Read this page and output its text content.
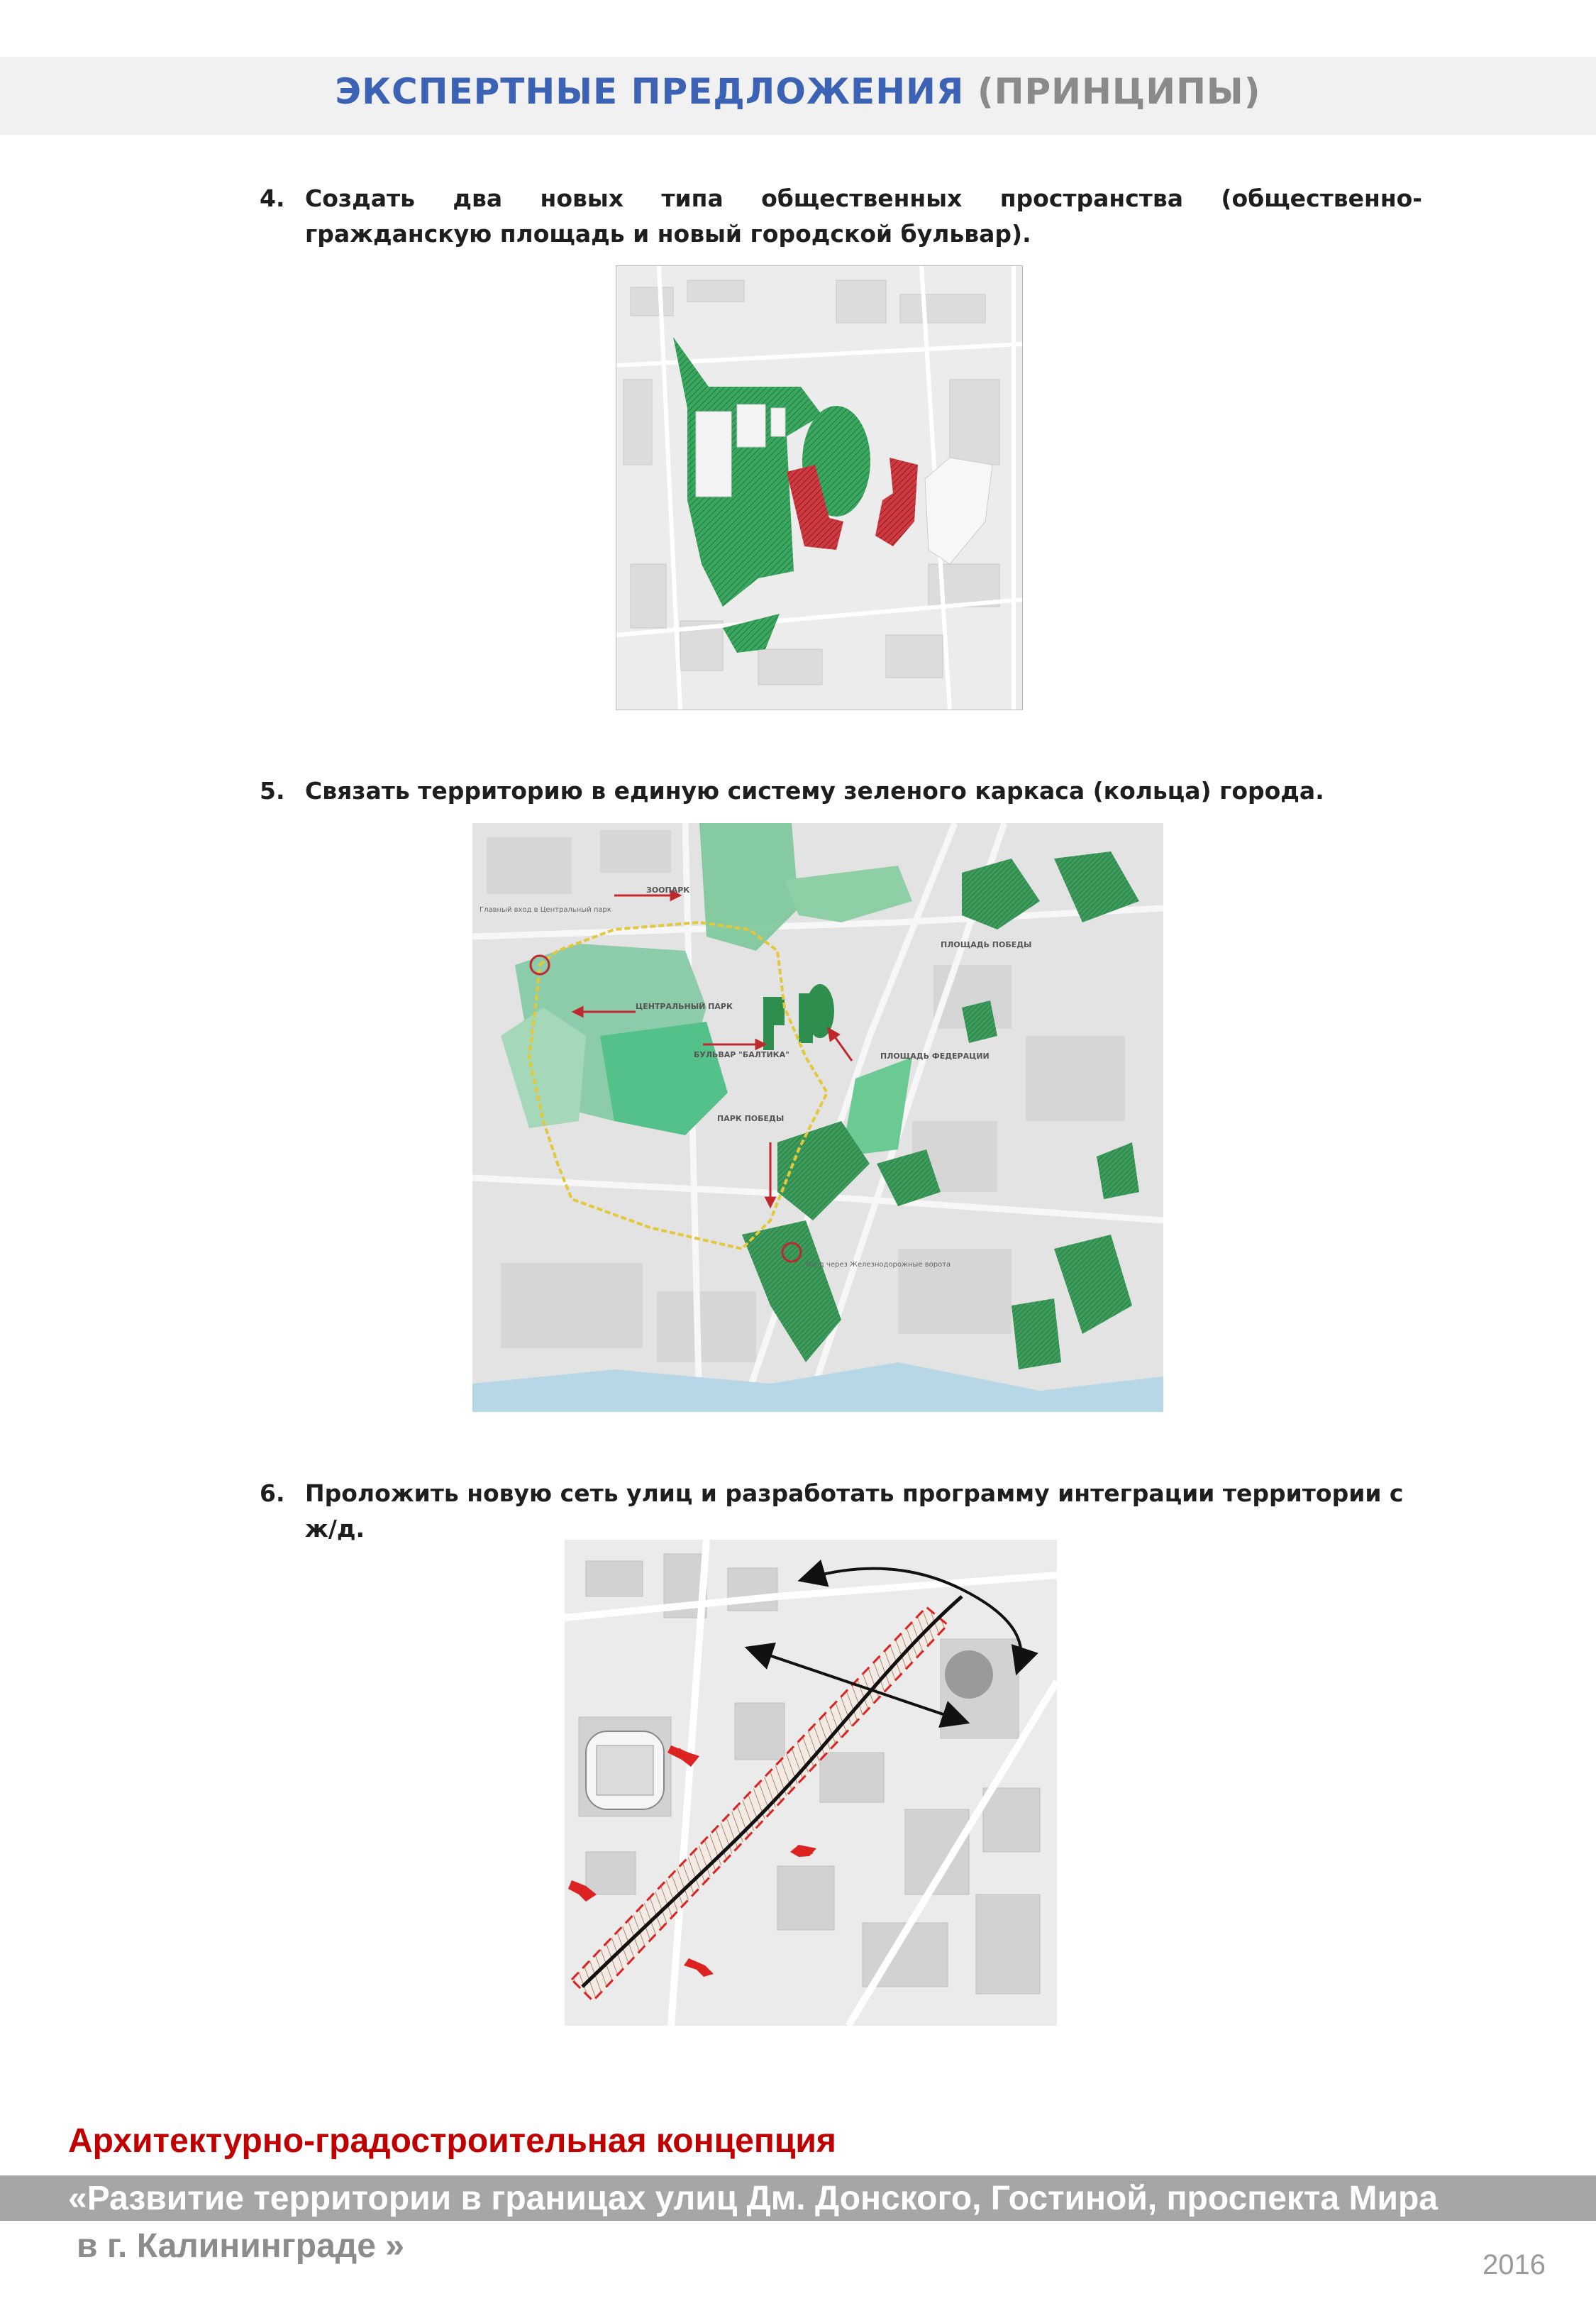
ЭКСПЕРТНЫЕ ПРЕДЛОЖЕНИЯ (ПРИНЦИПЫ)
4. Создать два новых типа общественных пространства (общественно-гражданскую площадь и новый городской бульвар).
5. Связать территорию в единую систему зеленого каркаса (кольца) города.
ЗООПАРК
Главный вход в Центральный парк
ЦЕНТРАЛЬНЫЙ ПАРК
ПЛОЩАДЬ ПОБЕДЫ
БУЛЬВАР "БАЛТИКА"	ПЛОЩАДЬ ФЕДЕРАЦИИ
ПАРК ПОБЕДЫ
Вход через Железнодорожные ворота
6. Проложить новую сеть улиц и разработать программу интеграции территории с ж/д.
Архитектурно-градостроительная концепция
«Развитие территории в границах улиц Дм. Донского, Гостиной, проспекта Мира
в г. Калининграде »	2016
